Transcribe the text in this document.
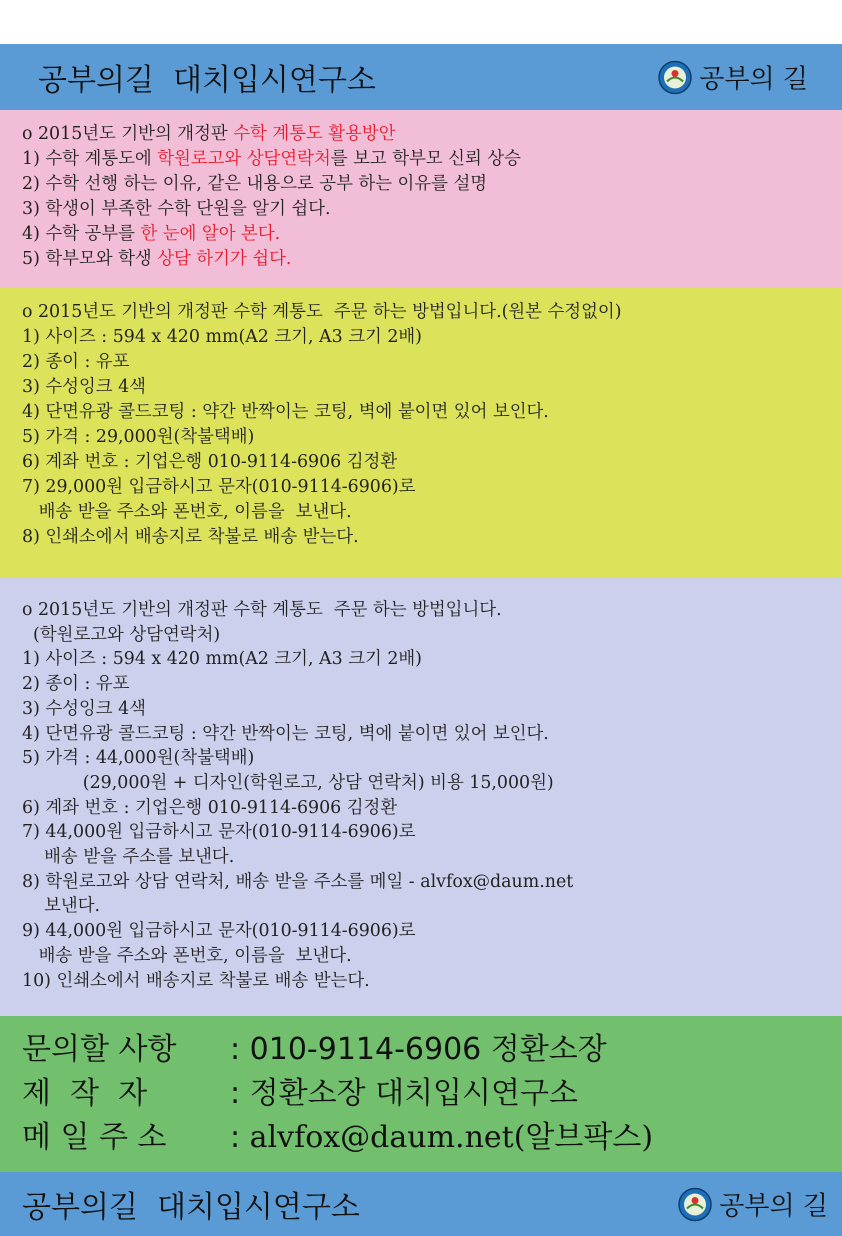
공부의길  대치입시연구소	공부의 길
o 2015년도 기반의 개정판 수학 계통도 활용방안
1) 수학 계통도에 학원로고와 상담연락처를 보고 학부모 신뢰 상승
2) 수학 선행 하는 이유, 같은 내용으로 공부 하는 이유를 설명
3) 학생이 부족한 수학 단원을 알기 쉽다.
4) 수학 공부를 한 눈에 알아 본다.
5) 학부모와 학생 상담 하기가 쉽다.
o 2015년도 기반의 개정판 수학 계통도  주문 하는 방법입니다.(원본 수정없이)
1) 사이즈 : 594 x 420 mm(A2 크기, A3 크기 2배)
2) 종이 : 유포
3) 수성잉크 4색
4) 단면유광 콜드코팅 : 약간 반짝이는 코팅, 벽에 붙이면 있어 보인다.
5) 가격 : 29,000원(착불택배)
6) 계좌 번호 : 기업은행 010-9114-6906 김정환
7) 29,000원 입금하시고 문자(010-9114-6906)로
배송 받을 주소와 폰번호, 이름을  보낸다.
8) 인쇄소에서 배송지로 착불로 배송 받는다.
o 2015년도 기반의 개정판 수학 계통도  주문 하는 방법입니다.
(학원로고와 상담연락처)
1) 사이즈 : 594 x 420 mm(A2 크기, A3 크기 2배)
2) 종이 : 유포
3) 수성잉크 4색
4) 단면유광 콜드코팅 : 약간 반짝이는 코팅, 벽에 붙이면 있어 보인다.
5) 가격 : 44,000원(착불택배)
(29,000원 + 디자인(학원로고, 상담 연락처) 비용 15,000원)
6) 계좌 번호 : 기업은행 010-9114-6906 김정환
7) 44,000원 입금하시고 문자(010-9114-6906)로
배송 받을 주소를 보낸다.
8) 학원로고와 상담 연락처, 배송 받을 주소를 메일 - alvfox@daum.net
보낸다.
9) 44,000원 입금하시고 문자(010-9114-6906)로
배송 받을 주소와 폰번호, 이름을  보낸다.
10) 인쇄소에서 배송지로 착불로 배송 받는다.
문의할 사항	: 010-9114-6906 정환소장
제  작  자	: 정환소장 대치입시연구소
메 일 주 소	: alvfox@daum.net(알브팍스)
공부의길  대치입시연구소	공부의 길
